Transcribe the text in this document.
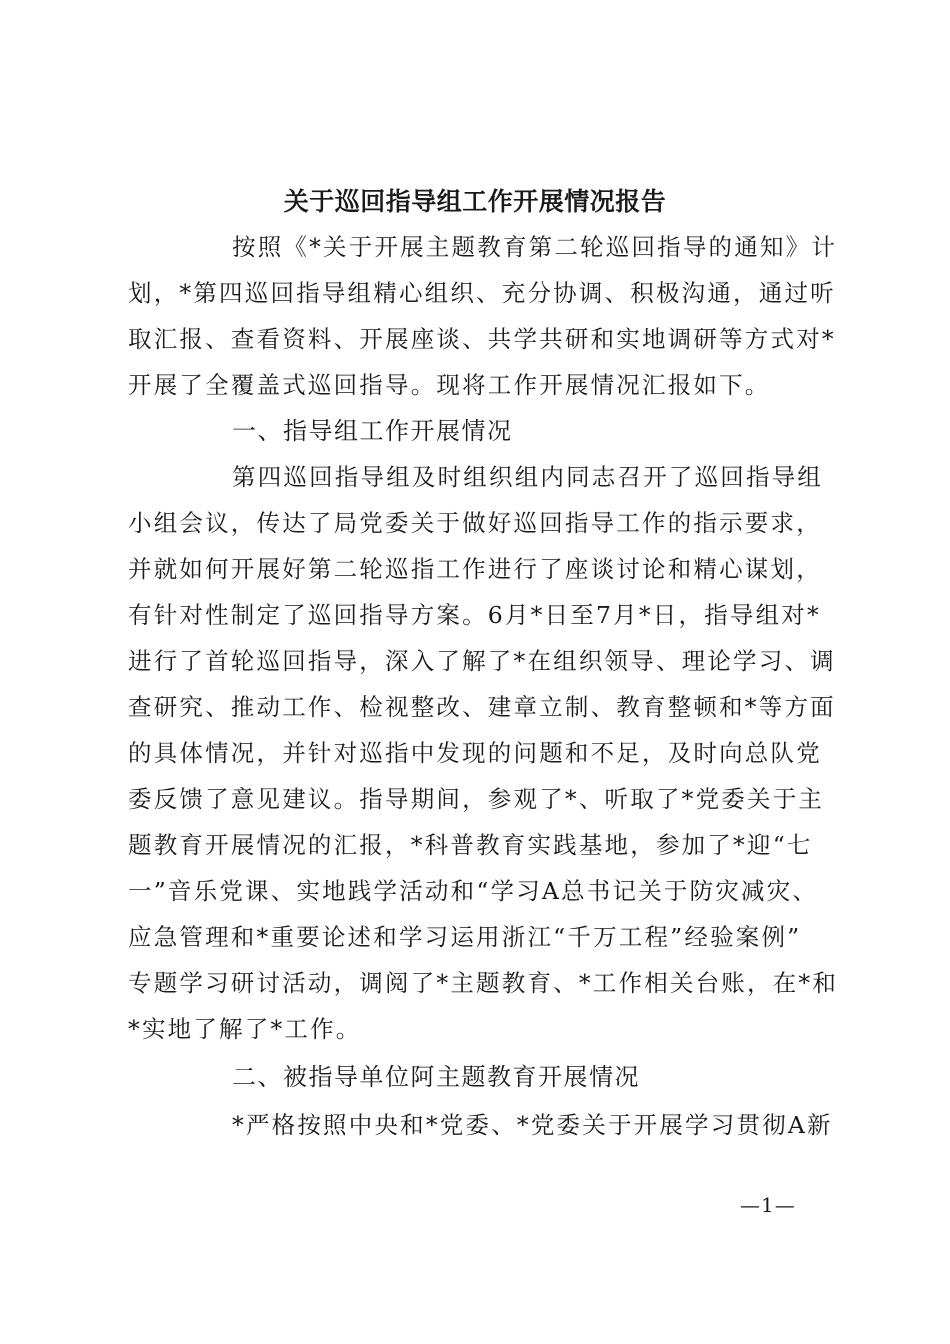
关于巡回指导组工作开展情况报告
按照《*关于开展主题教育第二轮巡回指导的通知》计
划，*第四巡回指导组精心组织、充分协调、积极沟通，通过听
取汇报、查看资料、开展座谈、共学共研和实地调研等方式对*
开展了全覆盖式巡回指导。现将工作开展情况汇报如下。
一、指导组工作开展情况
第四巡回指导组及时组织组内同志召开了巡回指导组
小组会议，传达了局党委关于做好巡回指导工作的指示要求，
并就如何开展好第二轮巡指工作进行了座谈讨论和精心谋划，
有针对性制定了巡回指导方案。6月*日至7月*日，指导组对*
进行了首轮巡回指导，深入了解了*在组织领导、理论学习、调
查研究、推动工作、检视整改、建章立制、教育整顿和*等方面
的具体情况，并针对巡指中发现的问题和不足，及时向总队党
委反馈了意见建议。指导期间，参观了*、听取了*党委关于主
题教育开展情况的汇报，*科普教育实践基地，参加了*迎“七
一”音乐党课、实地践学活动和“学习A总书记关于防灾减灾、
应急管理和*重要论述和学习运用浙江“千万工程”经验案例”
专题学习研讨活动，调阅了*主题教育、*工作相关台账，在*和
*实地了解了*工作。
二、被指导单位阿主题教育开展情况
*严格按照中央和*党委、*党委关于开展学习贯彻A新
—1—
